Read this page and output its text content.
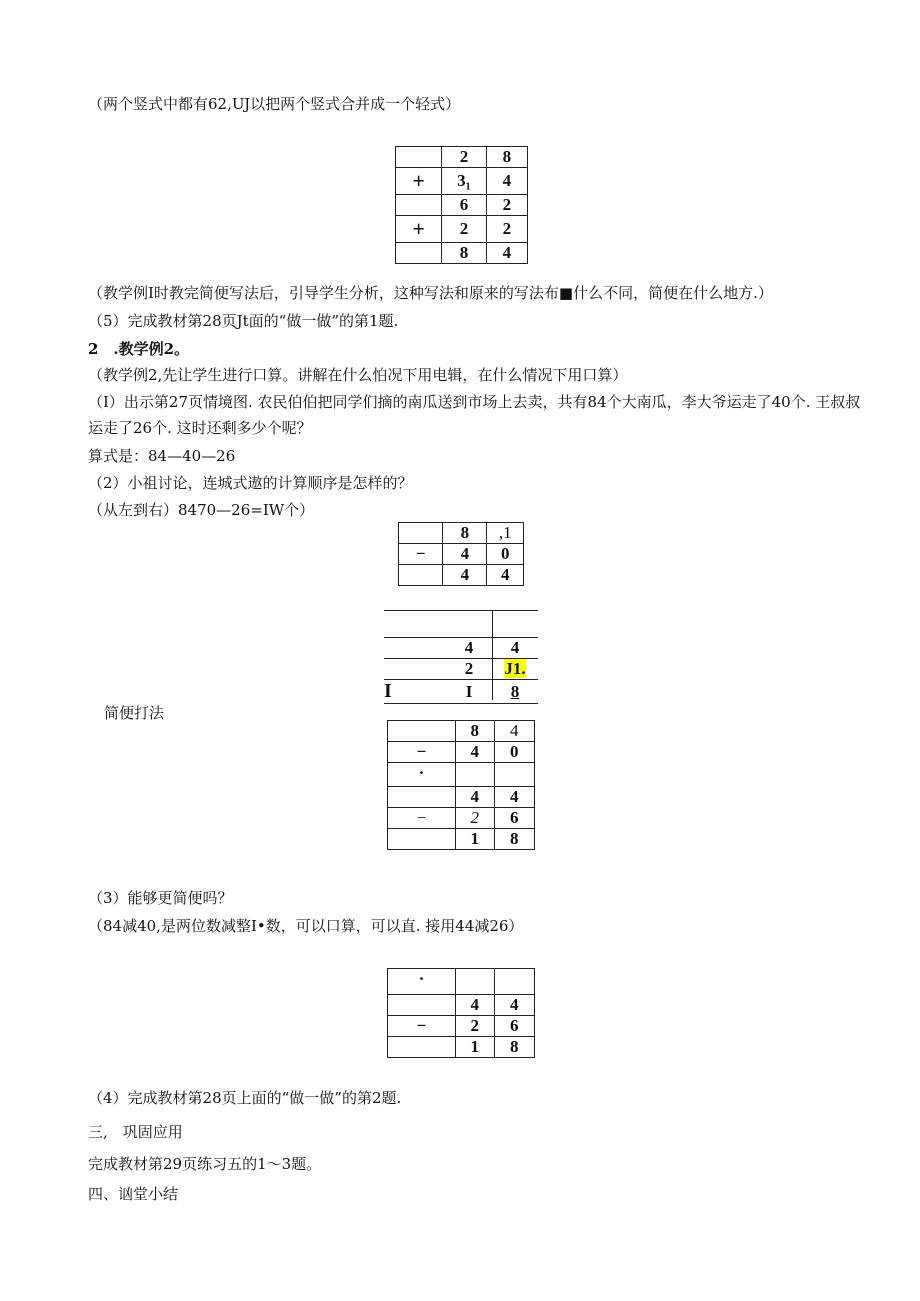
（两个竖式中都有62,UJ以把两个竖式合并成一个轻式）
	2	8
+	3₁	4
	6	2
+	2	2
	8	4
（教学例I时教完简便写法后，引导学生分析，这种写法和原来的写法布■什么不同，简便在什么地方.）
（5）完成教材第28页Jt面的“做一做”的第1题.
2　.教学例2。
（教学例2,先让学生进行口算。讲解在什么怕况下用电辑，在什么情况下用口算）
（I）出示第27页情境图. 农民伯伯把同学们摘的南瓜送到市场上去卖，共有84个大南瓜，李大爷运走了40个. 王叔叔
运走了26个. 这时还剩多少个呢？
算式是：84—40—26
（2）小祖讨论，连城式遨的计算顺序是怎样的？
（从左到右）8470—26=IW个）
	8	,1
−	4	0
	4	4

	4	4
	2	J1.
I	I	8
简便打法
	8	4
−	4	0
·		
	4	4
−	2	6
	1	8
（3）能够更简便吗？
（84减40,是两位数减整I•数，可以口算，可以直. 接用44减26）
·		
	4	4
−	2	6
	1	8
（4）完成教材第28页上面的“做一做”的第2题.
三,　巩固应用
完成教材第29页练习五的1～3题。
四、讻堂小结
